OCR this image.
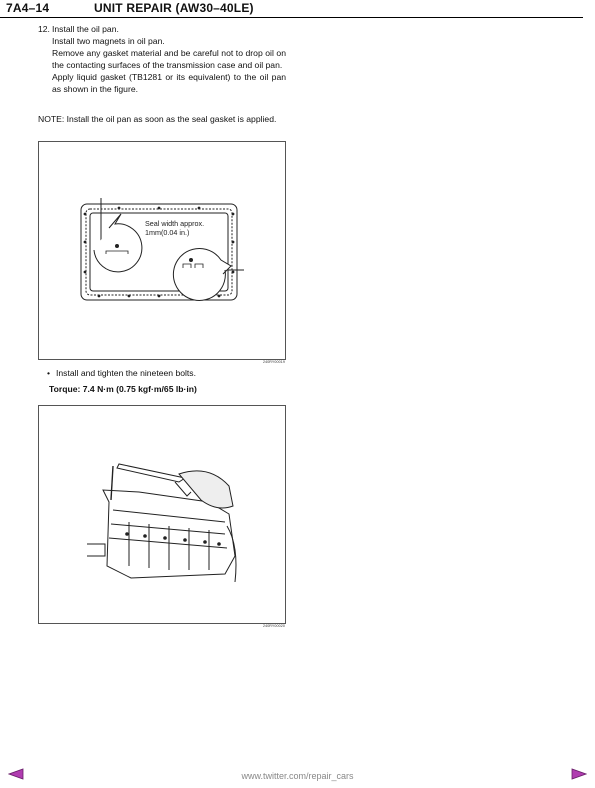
7A4–14	UNIT REPAIR (AW30–40LE)
12. Install the oil pan.
Install two magnets in oil pan.
Remove any gasket material and be careful not to drop oil on the contacting surfaces of the transmission case and oil pan.
Apply liquid gasket (TB1281 or its equivalent) to the oil pan as shown in the figure.
NOTE: Install the oil pan as soon as the seal gasket is applied.
Seal width approx.
1mm(0.04 in.)
240RY00019
• Install and tighten the nineteen bolts.
Torque: 7.4 N·m (0.75 kgf·m/65 lb·in)
240RY00020
www.twitter.com/repair_cars
